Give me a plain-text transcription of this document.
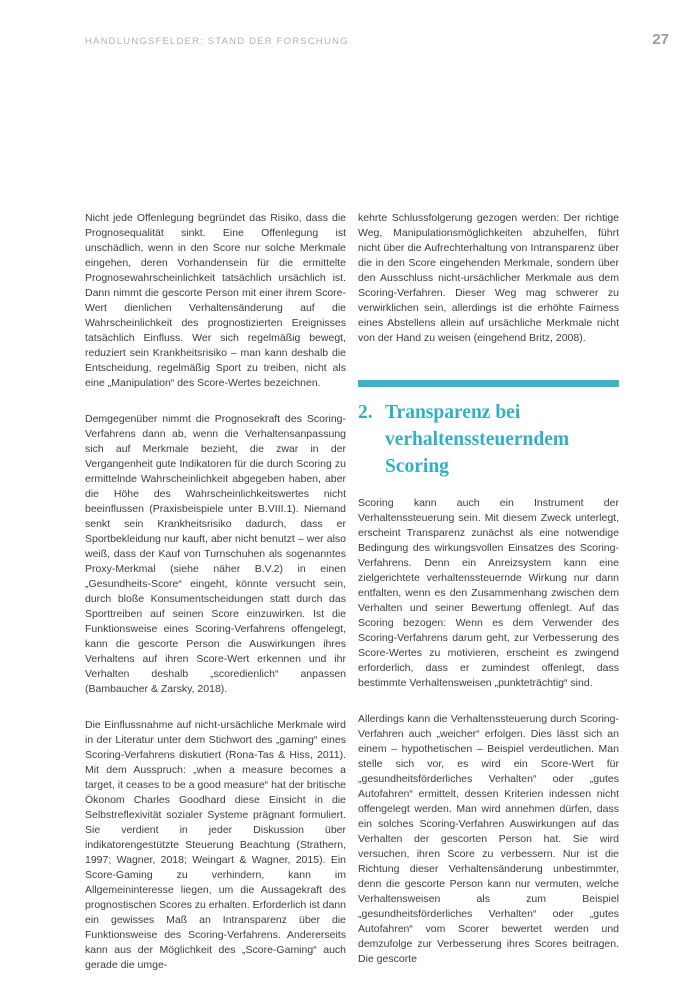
HANDLUNGSFELDER: STAND DER FORSCHUNG	27

Nicht jede Offenlegung begründet das Risiko, dass die Prognosequalität sinkt. Eine Offenlegung ist unschädlich, wenn in den Score nur solche Merkmale eingehen, deren Vorhandensein für die ermittelte Prognosewahrscheinlichkeit tatsächlich ursächlich ist. Dann nimmt die gescorte Person mit einer ihrem Score-Wert dienlichen Verhaltensänderung auf die Wahrscheinlichkeit des prognostizierten Ereignisses tatsächlich Einfluss. Wer sich regelmäßig bewegt, reduziert sein Krankheitsrisiko – man kann deshalb die Entscheidung, regelmäßig Sport zu treiben, nicht als eine „Manipulation“ des Score-Wertes bezeichnen.

Demgegenüber nimmt die Prognosekraft des Scoring-Verfahrens dann ab, wenn die Verhaltensanpassung sich auf Merkmale bezieht, die zwar in der Vergangenheit gute Indikatoren für die durch Scoring zu ermittelnde Wahrscheinlichkeit abgegeben haben, aber die Höhe des Wahrscheinlichkeitswertes nicht beeinflussen (Praxisbeispiele unter B.VIII.1). Niemand senkt sein Krankheitsrisiko dadurch, dass er Sportbekleidung nur kauft, aber nicht benutzt – wer also weiß, dass der Kauf von Turnschuhen als sogenanntes Proxy-Merkmal (siehe näher B.V.2) in einen „Gesundheits-Score“ eingeht, könnte versucht sein, durch bloße Konsumentscheidungen statt durch das Sporttreiben auf seinen Score einzuwirken. Ist die Funktionsweise eines Scoring-Verfahrens offengelegt, kann die gescorte Person die Auswirkungen ihres Verhaltens auf ihren Score-Wert erkennen und ihr Verhalten deshalb „scoredienlich“ anpassen (Bambaucher & Zarsky, 2018).

Die Einflussnahme auf nicht-ursächliche Merkmale wird in der Literatur unter dem Stichwort des „gaming“ eines Scoring-Verfahrens diskutiert (Rona-Tas & Hiss, 2011). Mit dem Ausspruch: „when a measure becomes a target, it ceases to be a good measure“ hat der britische Ökonom Charles Goodhard diese Einsicht in die Selbstreflexivität sozialer Systeme prägnant formuliert. Sie verdient in jeder Diskussion über indikatorengestützte Steuerung Beachtung (Strathern, 1997; Wagner, 2018; Weingart & Wagner, 2015). Ein Score-Gaming zu verhindern, kann im Allgemeininteresse liegen, um die Aussagekraft des prognostischen Scores zu erhalten. Erforderlich ist dann ein gewisses Maß an Intransparenz über die Funktionsweise des Scoring-Verfahrens. Andererseits kann aus der Möglichkeit des „Score-Gaming“ auch gerade die umge-

kehrte Schlussfolgerung gezogen werden: Der richtige Weg, Manipulationsmöglichkeiten abzuhelfen, führt nicht über die Aufrechterhaltung von Intransparenz über die in den Score eingehenden Merkmale, sondern über den Ausschluss nicht-ursächlicher Merkmale aus dem Scoring-Verfahren. Dieser Weg mag schwerer zu verwirklichen sein, allerdings ist die erhöhte Fairness eines Abstellens allein auf ursächliche Merkmale nicht von der Hand zu weisen (eingehend Britz, 2008).

2. Transparenz bei
verhaltenssteuerndem
Scoring

Scoring kann auch ein Instrument der Verhaltenssteuerung sein. Mit diesem Zweck unterlegt, erscheint Transparenz zunächst als eine notwendige Bedingung des wirkungsvollen Einsatzes des Scoring-Verfahrens. Denn ein Anreizsystem kann eine zielgerichtete verhaltenssteuernde Wirkung nur dann entfalten, wenn es den Zusammenhang zwischen dem Verhalten und seiner Bewertung offenlegt. Auf das Scoring bezogen: Wenn es dem Verwender des Scoring-Verfahrens darum geht, zur Verbesserung des Score-Wertes zu motivieren, erscheint es zwingend erforderlich, dass er zumindest offenlegt, dass bestimmte Verhaltensweisen „punkteträchtig“ sind.

Allerdings kann die Verhaltenssteuerung durch Scoring-Verfahren auch „weicher“ erfolgen. Dies lässt sich an einem – hypothetischen – Beispiel verdeutlichen. Man stelle sich vor, es wird ein Score-Wert für „gesundheitsförderliches Verhalten“ oder „gutes Autofahren“ ermittelt, dessen Kriterien indessen nicht offengelegt werden. Man wird annehmen dürfen, dass ein solches Scoring-Verfahren Auswirkungen auf das Verhalten der gescorten Person hat. Sie wird versuchen, ihren Score zu verbessern. Nur ist die Richtung dieser Verhaltensänderung unbestimmter, denn die gescorte Person kann nur vermuten, welche Verhaltensweisen als zum Beispiel „gesundheitsförderliches Verhalten“ oder „gutes Autofahren“ vom Scorer bewertet werden und demzufolge zur Verbesserung ihres Scores beitragen. Die gescorte
